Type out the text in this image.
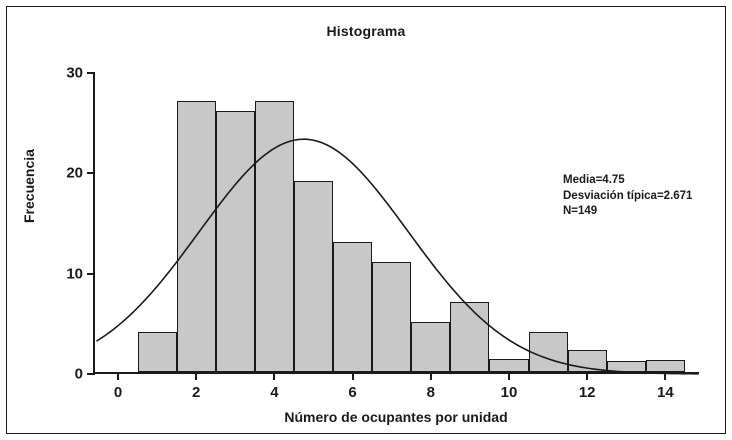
Histograma
Frecuencia
Número de ocupantes por unidad
Media=4.75
Desviación típica=2.671
N=149
0
10
20
30
0	2	4	6	8	10	12	14
